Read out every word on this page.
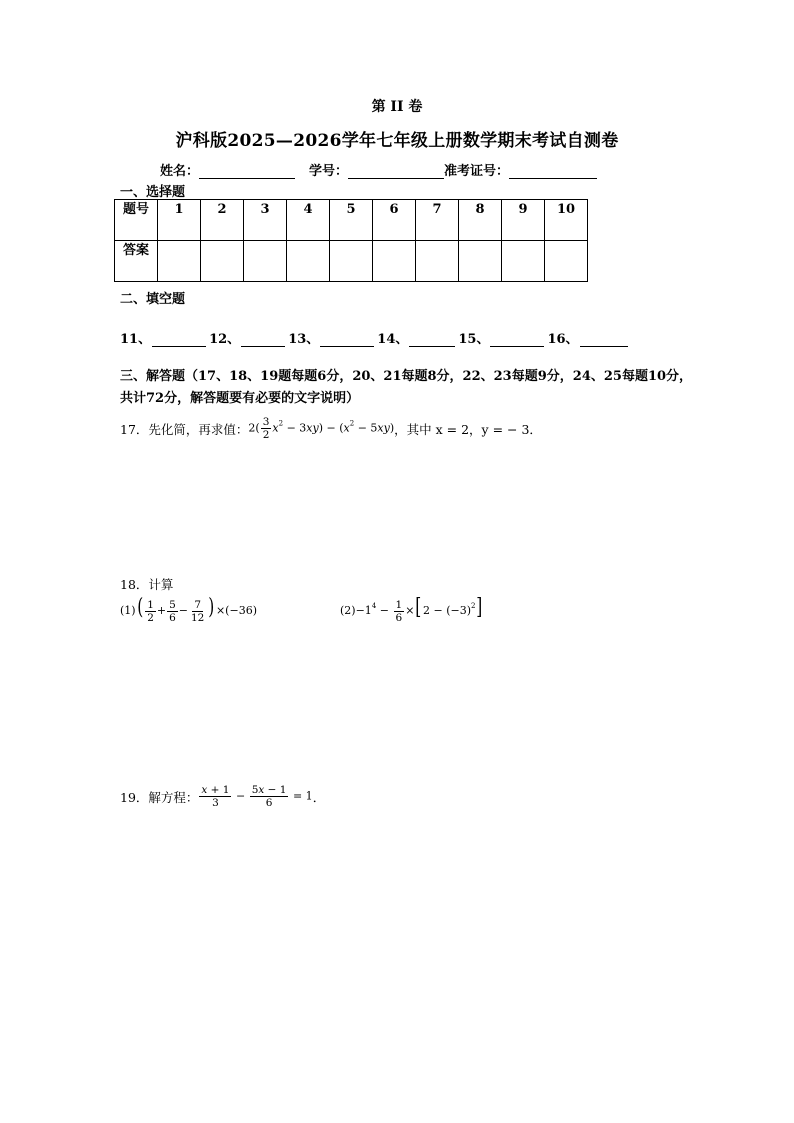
第 II 卷
沪科版2025—2026学年七年级上册数学期末考试自测卷
姓名：	学号：	准考证号：
一、选择题
题号	1	2	3	4	5	6	7	8	9	10
答案										
二、填空题
11、	12、	13、	14、	15、	16、
三、解答题（17、18、19题每题6分，20、21每题8分，22、23每题9分，24、25每题10分，共计72分，解答题要有必要的文字说明）
17．先化简，再求值： $2( \frac{3}{2} x^2 - 3xy) - (x^2 - 5xy)$ ，其中 x = 2，y = − 3．
18．计算
(1) ( $\frac{1}{2} + \frac{5}{6} - \frac{7}{12} )\times(-36)$	$(2) -1^4 - \frac{1}{6} \times[2 - (-3)^2]$
19．解方程： $\frac{x + 1}{3} - \frac{5x - 1}{6} = 1$ ．
